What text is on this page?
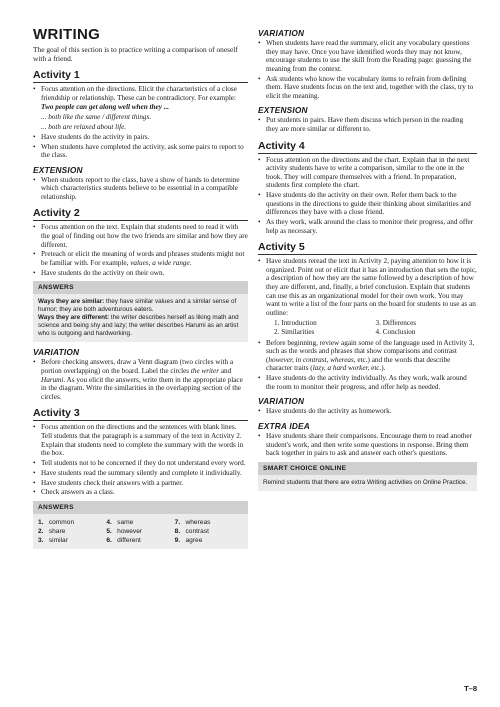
WRITING

The goal of this section is to practice writing a comparison of oneself with a friend.

Activity 1
• Focus attention on the directions. Elicit the characteristics of a close friendship or relationship. These can be contradictory. For example:
Two people can get along well when they ...
... both like the same / different things.
... both are relaxed about life.
• Have students do the activity in pairs.
• When students have completed the activity, ask some pairs to report to the class.
EXTENSION
• When students report to the class, have a show of hands to determine which characteristics students believe to be essential in a compatible relationship.
Activity 2
• Focus attention on the text. Explain that students need to read it with the goal of finding out how the two friends are similar and how they are different.
• Preteach or elicit the meaning of words and phrases students might not be familiar with. For example, values, a wide range.
• Have students do the activity on their own.
ANSWERS
Ways they are similar: they have similar values and a similar sense of humor; they are both adventurous eaters.
Ways they are different: the writer describes herself as liking math and science and being shy and lazy; the writer describes Harumi as an artist who is outgoing and hardworking.
VARIATION
• Before checking answers, draw a Venn diagram (two circles with a portion overlapping) on the board. Label the circles the writer and Harumi. As you elicit the answers, write them in the appropriate place in the diagram. Write the similarities in the overlapping section of the circles.
Activity 3
• Focus attention on the directions and the sentences with blank lines. Tell students that the paragraph is a summary of the text in Activity 2. Explain that students need to complete the summary with the words in the box.
• Tell students not to be concerned if they do not understand every word.
• Have students read the summary silently and complete it individually.
• Have students check their answers with a partner.
• Check answers as a class.
ANSWERS
1. common	4. same	7. whereas
2. share	5. however	8. contrast
3. similar	6. different	9. agree
VARIATION
• When students have read the summary, elicit any vocabulary questions they may have. Once you have identified words they may not know, encourage students to use the skill from the Reading page: guessing the meaning from the context.
• Ask students who know the vocabulary items to refrain from defining them. Have students focus on the text and, together with the class, try to elicit the meaning.
EXTENSION
• Put students in pairs. Have them discuss which person in the reading they are more similar or different to.
Activity 4
• Focus attention on the directions and the chart. Explain that in the next activity students have to write a comparison, similar to the one in the book. They will compare themselves with a friend. In preparation, students first complete the chart.
• Have students do the activity on their own. Refer them back to the questions in the directions to guide their thinking about similarities and differences they have with a close friend.
• As they work, walk around the class to monitor their progress, and offer help as necessary.
Activity 5
• Have students reread the text in Activity 2, paying attention to how it is organized. Point out or elicit that it has an introduction that sets the topic, a description of how they are the same followed by a description of how they are different, and, finally, a brief conclusion. Explain that students can use this as an organizational model for their own work. You may want to write a list of the four parts on the board for students to use as an outline:
1. Introduction	3. Differences
2. Similarities	4. Conclusion
• Before beginning, review again some of the language used in Activity 3, such as the words and phrases that show comparisons and contrast (however, in contrast, whereas, etc.) and the words that describe character traits (lazy, a hard worker, etc.).
• Have students do the activity individually. As they work, walk around the room to monitor their progress, and offer help as needed.
VARIATION
• Have students do the activity as homework.
EXTRA IDEA
• Have students share their comparisons. Encourage them to read another student's work, and then write some questions in response. Bring them back together in pairs to ask and answer each other's questions.
SMART CHOICE ONLINE
Remind students that there are extra Writing activities on Online Practice.
T–8
